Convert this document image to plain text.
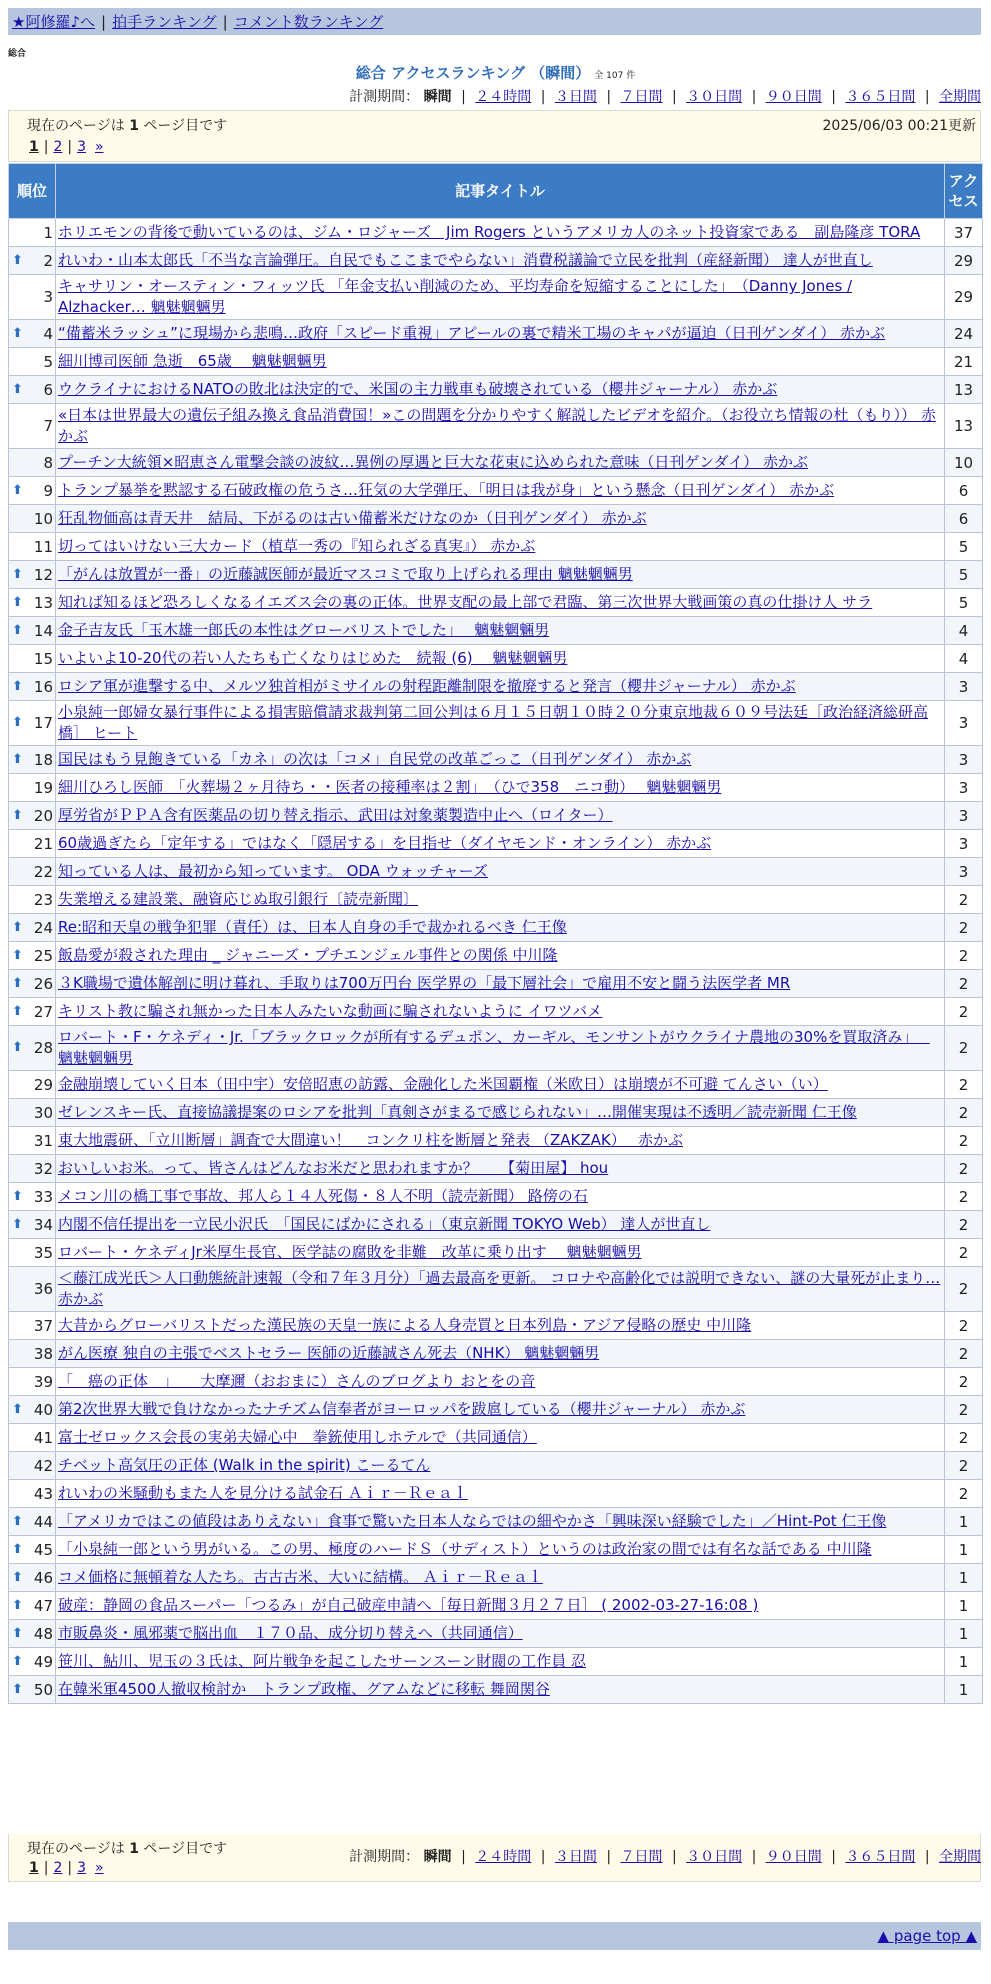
★阿修羅♪へ | 拍手ランキング | コメント数ランキング
総合
総合 アクセスランキング （瞬間） 全 107 件
計測期間： 瞬間 | ２４時間 | ３日間 | ７日間 | ３０日間 | ９０日間 | ３６５日間 | 全期間
現在のページは 1 ページ目です	2025/06/03 00:21更新
1 | 2 | 3 »
順位	記事タイトル	アクセス
1	ホリエモンの背後で動いているのは、ジム・ロジャーズ　Jim Rogers というアメリカ人のネット投資家である　副島隆彦 TORA	37

⬆ 2	れいわ・山本太郎氏「不当な言論弾圧。自民でもここまでやらない」消費税議論で立民を批判（産経新聞） 達人が世直し	29
3	キャサリン・オースティン・フィッツ氏 「年金支払い削減のため、平均寿命を短縮することにした」　（Danny Jones / Alzhacker… 魑魅魍魎男	29

⬆ 4	“備蓄米ラッシュ”に現場から悲鳴…政府「スピード重視」アピールの裏で精米工場のキャパが逼迫（日刊ゲンダイ） 赤かぶ	24
5	細川博司医師 急逝　65歳　 魑魅魍魎男	21

⬆ 6	ウクライナにおけるNATOの敗北は決定的で、米国の主力戦車も破壊されている（櫻井ジャーナル） 赤かぶ	13
7	«日本は世界最大の遺伝子組み換え食品消費国！»この問題を分かりやすく解説したビデオを紹介。（お役立ち情報の杜（もり）） 赤かぶ	13
8	プーチン大統領×昭恵さん電撃会談の波紋…異例の厚遇と巨大な花束に込められた意味（日刊ゲンダイ） 赤かぶ	10

⬆ 9	トランプ暴挙を黙認する石破政権の危うさ…狂気の大学弾圧、「明日は我が身」という懸念（日刊ゲンダイ） 赤かぶ	6
10	狂乱物価高は青天井　結局、下がるのは古い備蓄米だけなのか（日刊ゲンダイ） 赤かぶ	6
11	切ってはいけない三大カード（植草一秀の『知られざる真実』） 赤かぶ	5

⬆ 12	「がんは放置が一番」の近藤誠医師が最近マスコミで取り上げられる理由 魑魅魍魎男	5

⬆ 13	知れば知るほど恐ろしくなるイエズス会の裏の正体。世界支配の最上部で君臨、第三次世界大戦画策の真の仕掛け人 サラ	5

⬆ 14	金子吉友氏「玉木雄一郎氏の本性はグローバリストでした」　 魑魅魍魎男	4
15	いよいよ10-20代の若い人たちも亡くなりはじめた　続報 (6)　 魑魅魍魎男	4

⬆ 16	ロシア軍が進撃する中、メルツ独首相がミサイルの射程距離制限を撤廃すると発言（櫻井ジャーナル） 赤かぶ	3

⬆ 17	小泉純一郎婦女暴行事件による損害賠償請求裁判第二回公判は６月１５日朝１０時２０分東京地裁６０９号法廷［政治経済総研高橋］ ヒート	3

⬆ 18	国民はもう見飽きている「カネ」の次は「コメ」自民党の改革ごっこ（日刊ゲンダイ） 赤かぶ	3
19	細川ひろし医師　「火葬場２ヶ月待ち・・医者の接種率は２割」　（ひで358　ニコ動）　 魑魅魍魎男	3

⬆ 20	厚労省がＰＰＡ含有医薬品の切り替え指示、武田は対象薬製造中止へ（ロイター）	3
21	60歳過ぎたら「定年する」ではなく「隠居する」を目指せ（ダイヤモンド・オンライン） 赤かぶ	3
22	知っている人は、最初から知っています。 ODA ウォッチャーズ	3
23	失業増える建設業、融資応じぬ取引銀行〔読売新聞〕	2

⬆ 24	Re:昭和天皇の戦争犯罪（責任）は、日本人自身の手で裁かれるべき 仁王像	2

⬆ 25	飯島愛が殺された理由 _ ジャニーズ・プチエンジェル事件との関係 中川隆	2

⬆ 26	３K職場で遺体解剖に明け暮れ、手取りは700万円台 医学界の「最下層社会」で雇用不安と闘う法医学者 MR	2

⬆ 27	キリスト教に騙され無かった日本人みたいな動画に騙されないように イワツバメ	2

⬆ 28	ロバート・F・ケネディ・Jr.「ブラックロックが所有するデュポン、カーギル、モンサントがウクライナ農地の30%を買取済み」　 魑魅魍魎男	2
29	金融崩壊していく日本（田中宇）安倍昭恵の訪露、金融化した米国覇権（米欧日）は崩壊が不可避 てんさい（い）	2
30	ゼレンスキー氏、直接協議提案のロシアを批判「真剣さがまるで感じられない」…開催実現は不透明／読売新聞 仁王像	2
31	東大地震研、「立川断層」調査で大間違い！　コンクリ柱を断層と発表 （ZAKZAK）　 赤かぶ	2
32	おいしいお米。って、皆さんはどんなお米だと思われますか？　　【菊田屋】 hou	2

⬆ 33	メコン川の橋工事で事故、邦人ら１４人死傷・８人不明（読売新聞） 路傍の石	2

⬆ 34	内閣不信任提出を一立民小沢氏　「国民にばかにされる」（東京新聞 TOKYO Web） 達人が世直し	2
35	ロバート・ケネディJr米厚生長官、医学誌の腐敗を非難　改革に乗り出す　 魑魅魍魎男	2
36	＜藤江成光氏＞人口動態統計速報（令和７年３月分）「過去最高を更新。 コロナや高齢化では説明できない、謎の大量死が止まり… 赤かぶ	2
37	大昔からグローバリストだった漢民族の天皇一族による人身売買と日本列島・アジア侵略の歴史 中川隆	2
38	がん医療 独自の主張でベストセラー 医師の近藤誠さん死去（NHK） 魑魅魍魎男	2
39	「　癌の正体　」　　大摩邇（おおまに）さんのブログより おとをの音	2

⬆ 40	第2次世界大戦で負けなかったナチズム信奉者がヨーロッパを跋扈している（櫻井ジャーナル） 赤かぶ	2
41	富士ゼロックス会長の実弟夫婦心中　拳銃使用しホテルで（共同通信）	2
42	チベット高気圧の正体 (Walk in the spirit) こーるてん	2
43	れいわの米騒動もまた人を見分ける試金石 Ａｉｒ－Ｒｅａｌ	2

⬆ 44	「アメリカではこの値段はありえない」食事で驚いた日本人ならではの細やかさ「興味深い経験でした」／Hint-Pot 仁王像	1

⬆ 45	「小泉純一郎という男がいる。この男、極度のハードＳ（サディスト）というのは政治家の間では有名な話である 中川隆	1

⬆ 46	コメ価格に無頓着な人たち。古古古米、大いに結構。 Ａｉｒ－Ｒｅａｌ	1

⬆ 47	破産：静岡の食品スーパー「つるみ」が自己破産申請へ［毎日新聞３月２７日］ ( 2002-03-27-16:08 )	1

⬆ 48	市販鼻炎・風邪薬で脳出血　１７０品、成分切り替えへ（共同通信）	1

⬆ 49	笹川、鮎川、児玉の３氏は、阿片戦争を起こしたサーンスーン財閥の工作員 忍	1

⬆ 50	在韓米軍4500人撤収検討か　トランプ政権、グアムなどに移転 舞岡関谷	1
現在のページは 1 ページ目です
1 | 2 | 3 »
計測期間： 瞬間 | ２４時間 | ３日間 | ７日間 | ３０日間 | ９０日間 | ３６５日間 | 全期間
▲ page top ▲
